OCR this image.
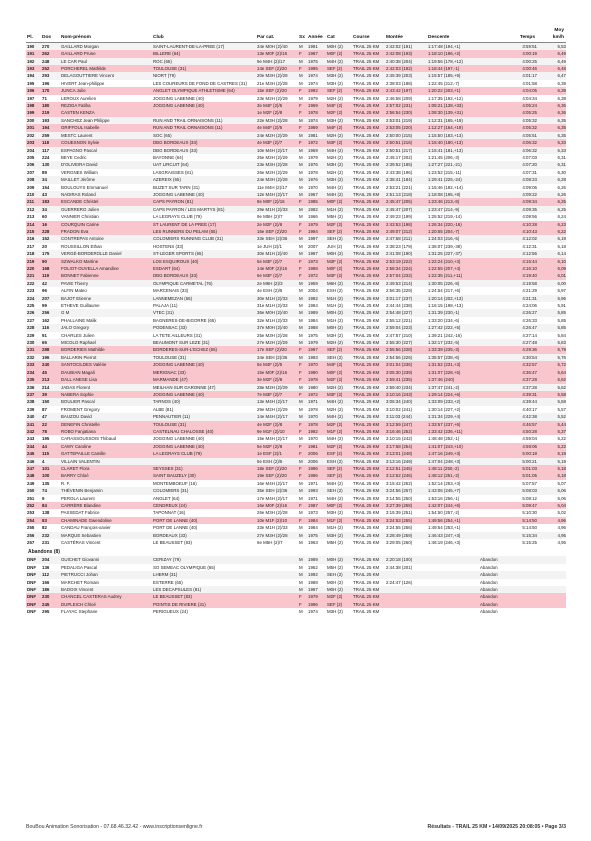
Pl.	Dos	Nom-prénom	Club	Par cat.	Sx	Année	Cat	Course	Montée	Descente	Temps	Moy
km/h
190	270	GAILLARD Morgan	SAINT-LAURENT-DE-LA-PREE (17)	34e M0H (2)/40	M	1991	M0H (2)	TRAIL 25 KM	2:42:02 (191)	1:17:48 (194,+1)	3:59:51	6,53
191	262	GAILLARD Prune	BILLERE (64)	13e M0F (2)/16	F	1987	M0F (2)	TRAIL 25 KM	2:42:08 (193)	1:18:10 (196,+2)	4:00:19	6,49
192	248	LE CAR Paul	ROC (65)	9e M4H (2)/17	M	1975	M4H (2)	TRAIL 25 KM	2:40:38 (204)	1:19:56 (178,+12)	4:00:25	6,49
193	252	PORCHEREL Mathilde	TOULOUSE (31)	14e SEF (2)/20	F	1995	SEF (2)	TRAIL 25 KM	2:42:03 (192)	1:18:44 (197,-1)	4:00:46	6,48
194	293	DELAGOUTTIERE Vincent	NIORT (79)	20e M3H (2)/28	M	1974	M3H (2)	TRAIL 25 KM	2:45:39 (203)	1:15:57 (185,+9)	4:01:17	6,47
195	196	HIVERT Jean-philippe	LES COUREURS DE FOND DE CASTRES (31)	21e M3H (2)/28	M	1974	M3H (2)	TRAIL 25 KM	2:38:03 (188)	1:22:45 (212,-7)	4:01:58	6,39
196	170	JUNCA Julie	ANGLET OLYMPIQUE ATHLETISME (64)	15e SEF (2)/20	F	1992	SEF (2)	TRAIL 25 KM	2:43:42 (197)	1:20:22 (203,+1)	4:04:05	6,39
197	71	LEROUX Aurelien	JOGGING LABENNE (40)	23e M2H (2)/29	M	1979	M2H (2)	TRAIL 25 KM	2:46:58 (209)	1:17:35 (192,+12)	4:04:34	6,38
198	180	REZIGA Fatiha	JOGGING LABENNE (40)	3e M4F (2)/5	F	1969	M4F (2)	TRAIL 25 KM	2:57:02 (231)	1:08:21 (138,+33)	4:05:24	6,36
199	219	CASTEN KENZA		1e M2F (2)/8	F	1978	M2F (2)	TRAIL 25 KM	2:56:54 (230)	1:08:30 (139,+31)	4:05:25	6,36
200	193	SANCHEZ Jean Philippe	RUN AND TRAIL ORNAISONS (11)	22e M3H (2)/28	M	1974	M3H (2)	TRAIL 25 KM	2:53:01 (219)	1:12:31 (165,+19)	4:05:32	6,35
201	194	GRIFFOUL Isabelle	RUN AND TRAIL ORNAISONS (11)	4e M4F (2)/5	F	1969	M4F (2)	TRAIL 25 KM	2:53:05 (220)	1:12:27 (164,+19)	4:05:32	6,35
202	259	MESTC Laurent	SOC (65)	24e M2H (2)/29	M	1981	M2H (2)	TRAIL 25 KM	2:50:00 (215)	1:15:50 (183,+13)	4:05:51	6,35
203	118	COUESNON Sylvie	DBG BORDEAUX (33)	4e M3F (2)/7	F	1972	M3F (2)	TRAIL 25 KM	2:50:51 (216)	1:15:40 (180,+13)	4:06:32	6,33
204	117	ESPAGNO Pascal	DBG BORDEAUX (33)	10e M4H (2)/17	M	1969	M4H (2)	TRAIL 25 KM	2:50:51 (217)	1:15:41 (181,+13)	4:06:32	6,33
205	224	BEYE Cedric	BAYONNE (64)	25e M2H (2)/29	M	1979	M2H (2)	TRAIL 25 KM	2:45:17 (202)	1:21:45 (206,-3)	4:07:03	6,31
206	130	D'OLIVEIRA David	UAT LIRCUIT (64)	23e M3H (2)/28	M	1976	M3H (2)	TRAIL 25 KM	2:39:52 (185)	1:27:27 (221,-21)	4:07:20	6,31
207	89	VERGNES William	LASGRAISSES (81)	26e M2H (2)/29	M	1978	M2H (2)	TRAIL 25 KM	2:43:38 (196)	1:23:52 (215,-11)	4:07:31	6,30
208	34	MAILLET Jérôme	AZEREIX (65)	24e M3H (2)/28	M	1976	M3H (2)	TRAIL 25 KM	2:38:41 (184)	1:29:41 (225,-24)	4:08:23	6,28
209	154	BOULOUYS Emmanuel	BUZET SUR TARN (31)	11e M4H (2)/17	M	1970	M4H (2)	TRAIL 25 KM	2:53:21 (221)	1:15:46 (182,+14)	4:09:06	6,26
210	43	NADIRAS Roland	JOGGING LABENNE (40)	12e M4H (2)/17	M	1967	M4H (2)	TRAIL 25 KM	2:51:13 (218)	1:18:08 (195,+8)	4:09:22	6,26
211	183	ESCANDE Christel	CAPS PAYRON (81)	8e M0F (2)/16	F	1985	M0F (2)	TRAIL 25 KM	2:45:47 (205)	1:23:46 (213,-8)	4:09:34	6,25
212	34	GUERRERO Julien	CAPS PAYRON / LES MARTYS (81)	29e M1H (2)/33	M	1982	M1H (2)	TRAIL 25 KM	2:45:47 (207)	1:23:47 (214,-9)	4:09:35	6,25
213	60	VANNIER Christian	LA LEGRAYS CLUB (79)	9e M5H (2)/7	M	1966	M5H (2)	TRAIL 25 KM	2:49:23 (199)	1:25:52 (219,-14)	4:09:56	6,24
214	16	COURQUIN Carine	ST LAURENT DE LA PREE (17)	2e M2F (2)/8	F	1979	M2F (2)	TRAIL 25 KM	2:43:53 (198)	1:26:34 (220,-16)	4:10:28	6,23
215	228	FRADON Eva	LES RUNNERS DU PELAM (65)	16e SEF (2)/20	F	1994	SEF (2)	TRAIL 25 KM	2:49:07 (212)	1:20:55 (204,-7)	4:10:43	6,22
216	152	CONTREPAS Antoine	COLOMIERS RUNNING CLUB (31)	33e SEH (2)/36	M	1997	SEH (2)	TRAIL 25 KM	2:47:58 (211)	1:24:03 (216,-5)	4:12:02	6,19
217	20	ROUSSILLON Ethan	HOSTENS (33)	1e JUH (2)/1	M	2007	JUH (2)	TRAIL 25 KM	2:38:23 (179)	1:36:07 (239,-38)	4:12:31	6,18
218	175	VERGÉ-BORDEROLLE Daniel	ST-LEGER SPORTS (65)	30e M1H (2)/40	M	1987	M0H (2)	TRAIL 25 KM	2:41:08 (190)	1:31:25 (227,-37)	4:12:56	6,14
219	90	SZWALKO Martine	LOS ESQUIROUS (40)	5e M3F (2)/7	F	1973	M3F (2)	TRAIL 25 KM	2:53:19 (222)	1:22:24 (210,+3)	4:15:44	6,10
220	168	FOLIOT-OUVELLA Amandine	ESDART (64)	14e M0F (2)/16	F	1988	M0F (2)	TRAIL 25 KM	2:58:34 (224)	1:22:55 (207,+4)	4:16:10	6,09
221	119	BONNET Fabienne	DBG BORDEAUX (33)	6e M3F (2)/7	F	1972	M3F (2)	TRAIL 25 KM	2:57:04 (232)	1:22:35 (211,+11)	4:19:40	6,01
222	42	PAVIE Thierry	OLYMPIQUE CARMETAL (76)	2e M6H (2)/3	M	1959	M6H (2)	TRAIL 25 KM	2:49:53 (214)	1:30:05 (226,-8)	4:19:58	6,00
223	96	ALFIN Mateo	MARCENAIS (33)	4e ESH (2)/5	M	2004	ESH (2)	TRAIL 25 KM	2:56:35 (229)	1:24:54 (217,+6)	4:21:29	5,97
224	207	BAJOT Etienne	LANNEMEZAN (65)	30e M1H (2)/33	M	1982	M1H (2)	TRAIL 25 KM	3:01:17 (237)	1:20:14 (202,+13)	4:21:31	5,96
225	99	ETHEVE Guillaume	PALAJA (11)	31e M1H (2)/33	M	1984	M1H (2)	TRAIL 25 KM	2:44:44 (238)	1:16:15 (198,+13)	4:24:06	5,91
226	256	G M	VTEC (31)	36e M0H (2)/40	M	1989	M0H (2)	TRAIL 25 KM	2:54:48 (227)	1:31:39 (230,-1)	4:26:27	5,85
227	162	PHALLAINE Malik	BAGNERES-DE-BIGORRE (65)	32e M1H (2)/33	M	1984	M1H (2)	TRAIL 25 KM	2:55:12 (221)	1:33:20 (234,-6)	4:26:33	5,85
228	116	JALO Gregory	PODENSAC (33)	37e M0H (2)/40	M	1988	M0H (2)	TRAIL 25 KM	2:59:04 (223)	1:27:42 (222,+5)	4:26:47	5,85
229	91	CHARLES Julien	LA TETE AILLEURS (31)	25e M3H (2)/28	M	1975	M3H (2)	TRAIL 25 KM	2:47:57 (210)	1:39:21 (242,-16)	4:27:14	5,84
230	65	MICOLO Raphael	BEAUMONT SUR LEZE (31)	27e M2H (2)/29	M	1979	M2H (2)	TRAIL 25 KM	2:55:30 (227)	1:32:17 (232,-5)	4:27:48	5,83
231	288	BORDERIES Mathilde	BORDERES-SUR-L'ECHEZ (65)	17e SEF (2)/20	F	1997	SEF (2)	TRAIL 25 KM	2:55:56 (228)	1:33:39 (235,-3)	4:29:36	5,79
232	196	BALLARIN Pierrot	TOULOUSE (31)	34e SEH (2)/36	M	1993	SEH (2)	TRAIL 25 KM	2:54:56 (226)	1:35:57 (238,-6)	4:30:54	5,76
233	240	SANTOCILDES Valérie	JOGGING LABENNE (40)	5e M4F (2)/5	F	1970	M4F (2)	TRAIL 25 KM	3:01:04 (236)	1:31:52 (231,+3)	4:32:57	5,72
234	45	DAUBIAN Magali	MERIGNAC (33)	15e M0F (2)/16	F	1990	M0F (2)	TRAIL 25 KM	3:05:30 (239)	1:31:07 (228,+5)	4:36:47	5,64
235	213	DALL ANESE Lisa	MARMANDE (47)	3e M2F (2)/8	F	1978	M2F (2)	TRAIL 25 KM	2:59:41 (235)	1:37:46 (240)	4:37:28	5,62
236	214	JADAS Florent	MEILHAN SUR GARONNE (47)	28e M2H (2)/29	M	1980	M2H (2)	TRAIL 25 KM	2:59:40 (234)	1:37:47 (241,-2)	4:37:28	5,62
237	39	NABERA Sophie	JOGGING LABENNE (40)	7e M3F (2)/7	F	1972	M3F (2)	TRAIL 25 KM	3:10:16 (243)	1:29:14 (224,+6)	4:39:31	5,58
238	150	BOULIER Pascal	TARNOS (40)	13e M4H (2)/17	M	1971	M4H (2)	TRAIL 25 KM	3:06:34 (240)	1:33:09 (233,+2)	4:39:44	5,58
239	87	FROMENT Gregory	ALBE (81)	29e M2H (2)/29	M	1978	M2H (2)	TRAIL 25 KM	3:10:02 (241)	1:30:14 (227,+2)	4:40:17	5,57
240	47	BAUZOU David	PENNAUTIER (11)	14e M4H (2)/17	M	1970	M4H (2)	TRAIL 25 KM	3:11:03 (244)	1:31:34 (229,+4)	4:42:38	5,52
241	22	DENEFIN Christelle	TOULOUSE (31)	4e M2F (2)/8	F	1978	M2F (2)	TRAIL 25 KM	3:12:59 (247)	1:33:57 (237,+6)	4:46:57	5,44
242	78	ROBO Fanjatiana	CASTELNAU CHALOSSE (40)	9e M1F (2)/10	F	1982	M1F (2)	TRAIL 25 KM	3:16:46 (252)	1:33:42 (236,+11)	4:50:28	5,37
243	195	CARASSOUSSOIS Thibaud	JOGGING LABENNE (40)	15e M4H (2)/17	M	1970	M4H (2)	TRAIL 25 KM	3:10:15 (242)	1:48:48 (252,-1)	4:59:04	5,22
244	44	CAMY Caroline	JOGGING LABENNE (40)	5e M2F (2)/8	F	1981	M2F (2)	TRAIL 25 KM	3:17:58 (254)	1:41:07 (243,+10)	4:59:06	5,22
245	115	GATTEPAILLE Camille	LA LEGRAYS CLUB (79)	1e ESF (2)/1	F	2006	ESF (2)	TRAIL 25 KM	3:13:01 (248)	1:47:16 (249,+3)	5:00:18	5,19
246	4	VILLAIN VALENTIN		5e ESH (2)/5	M	2006	ESH (2)	TRAIL 25 KM	3:13:16 (249)	1:47:04 (248,+3)	5:00:21	5,19
247	101	CLARET Flora	SEYSSES (31)	18e SEF (2)/20	F	1996	SEF (2)	TRAIL 25 KM	3:12:51 (245)	1:48:11 (250,-2)	5:01:03	5,18
248	100	BARRY Chloé	SAINT BAUZELY (30)	19e SEF (2)/20	F	1996	SEF (2)	TRAIL 25 KM	3:12:52 (246)	1:48:12 (251,-2)	5:01:05	5,18
249	135	R. F.	MONTEMBOEUF (16)	16e M4H (2)/17	M	1971	M4H (2)	TRAIL 25 KM	3:15:42 (252)	1:52:14 (253,+3)	5:07:57	5,07
250	74	THÉVENIN Benjamin	COLOMIERS (31)	35e SEH (2)/36	M	1993	SEH (2)	TRAIL 25 KM	3:24:56 (257)	1:43:06 (245,+7)	5:08:03	5,06
251	9	PEROLA Laurent	ANGLET (64)	17e M4H (2)/17	M	1971	M4H (2)	TRAIL 25 KM	3:14:55 (250)	1:53:16 (256,-1)	5:08:12	5,06
252	84	CARRÈRE Blandine	CENDREUX (24)	16e M0F (2)/16	F	1987	M0F (2)	TRAIL 25 KM	3:27:39 (258)	1:42:07 (244,+6)	5:09:47	5,04
253	138	PASSEDAT Fabrice	TAPONNAT (16)	26e M3H (2)/28	M	1973	M3H (2)	TRAIL 25 KM	3:15:39 (251)	1:54:50 (257,-2)	5:10:30	5,02
254	83	CHAMINADE Gwendoline	PORT DE LANNE (40)	10e M1F (2)/10	F	1984	M1F (2)	TRAIL 25 KM	3:24:53 (255)	1:49:56 (254,+1)	5:14:50	4,96
255	82	CANDAU François-xavier	PORT DE LANNE (40)	33e M1H (2)/33	M	1984	M1H (2)	TRAIL 25 KM	3:24:55 (256)	1:49:54 (253,+1)	5:14:50	4,96
256	232	MARQUE Sebastien	BORDEAUX (33)	27e M3H (2)/28	M	1975	M3H (2)	TRAIL 25 KM	3:28:49 (259)	1:46:43 (247,+3)	5:15:34	4,95
257	231	CASTÉRAS Vincent	LE BEAUSSET (83)	6e M5H (2)/7	M	1963	M5H (2)	TRAIL 25 KM	3:29:05 (260)	1:46:19 (246,+3)	5:15:25	4,95
Abandons (8)
DNF	204	GUICHET Giovanni	CERIZAY (79)		M	1989	M0H (2)	TRAIL 25 KM	2:20:18 (100)		Abandon	
DNF	136	PEDALIGA Pascal	SO SEMEAC OLYMPIQUE (65)		M	1962	M5H (2)	TRAIL 25 KM	2:44:38 (201)		Abandon	
DNF	112	PIETRUCCI Johan	LHERM (31)		M	1992	SEH (2)	TRAIL 25 KM			Abandon	
DNF	166	MARCHET Romain	ESTERRE (65)		M	1988	M0H (2)	TRAIL 25 KM	2:24:47 (126)		Abandon	
DNF	186	BADOIX Vincent	LES DECAPSULES (81)		M	1987	M0H (2)	TRAIL 25 KM			Abandon	
DNF	230	CHANCEL CASTERAS Audrey	LE BEAUSSET (83)		F	1979	M2F (2)	TRAIL 25 KM			Abandon	
DNF	245	DUPLEICH Chloé	POINTIS DE RIVIERE (31)		F	1996	SEF (2)	TRAIL 25 KM			Abandon	
DNF	295	FLAYAC Stephane	PERIGUEUX (24)		M	1974	M3H (2)	TRAIL 25 KM			Abandon	
BouBou Animation Sonorisation - 07.68.46.32.42 - www.inscriptionsenligne.fr	Résultats - TRAIL 25 KM • 14/09/2025 20:08:05 • Page 3/3
